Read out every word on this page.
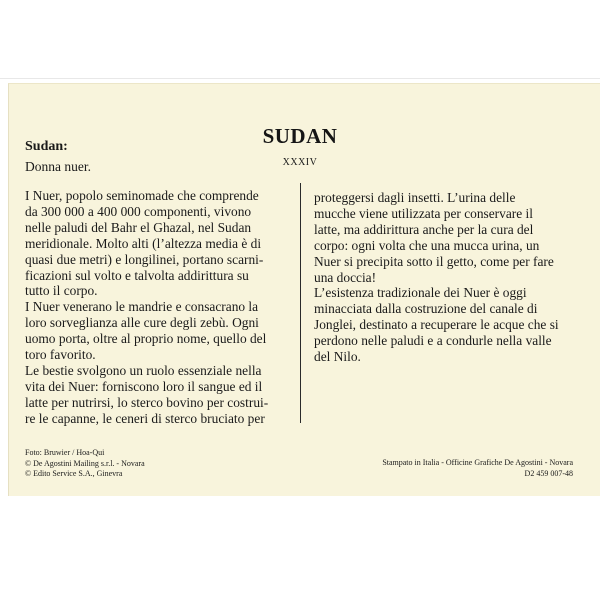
SUDAN
XXXIV
Sudan:
Donna nuer.
I Nuer, popolo seminomade che comprende
da 300 000 a 400 000 componenti, vivono
nelle paludi del Bahr el Ghazal, nel Sudan
meridionale. Molto alti (l’altezza media è di
quasi due metri) e longilinei, portano scarni-
ficazioni sul volto e talvolta addirittura su
tutto il corpo.
I Nuer venerano le mandrie e consacrano la
loro sorveglianza alle cure degli zebù. Ogni
uomo porta, oltre al proprio nome, quello del
toro favorito.
Le bestie svolgono un ruolo essenziale nella
vita dei Nuer: forniscono loro il sangue ed il
latte per nutrirsi, lo sterco bovino per costrui-
re le capanne, le ceneri di sterco bruciato per
proteggersi dagli insetti. L’urina delle
mucche viene utilizzata per conservare il
latte, ma addirittura anche per la cura del
corpo: ogni volta che una mucca urina, un
Nuer si precipita sotto il getto, come per fare
una doccia!
L’esistenza tradizionale dei Nuer è oggi
minacciata dalla costruzione del canale di
Jonglei, destinato a recuperare le acque che si
perdono nelle paludi e a condurle nella valle
del Nilo.
Foto: Bruwier / Hoa-Qui
© De Agostini Mailing s.r.l. - Novara
© Edito Service S.A., Ginevra
Stampato in Italia - Officine Grafiche De Agostini - Novara
D2 459 007-48
